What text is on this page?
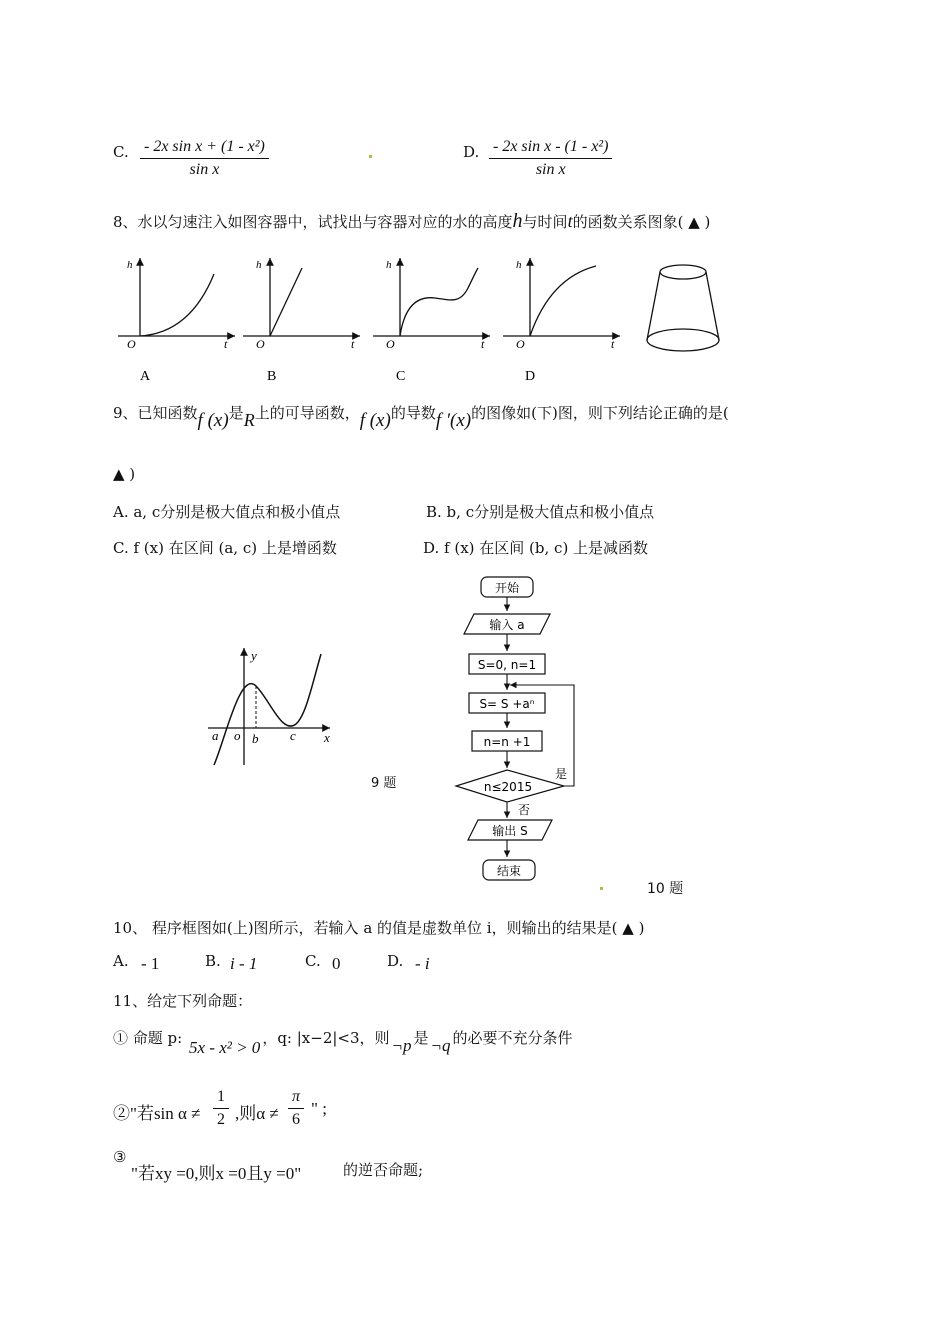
C. $\frac{\text{- 2x sin x + (1 - x²)}}{\text{sin x}}$	D. $\frac{\text{- 2x sin x - (1 - x²)}}{\text{sin x}}$
8、水以匀速注入如图容器中，试找出与容器对应的水的高度h与时间t的函数关系图象( ▲ )
h
O	t
A
h
O	t
B
h
O	t
C
h
O	t
D
9、已知函数f (x)是R上的可导函数，f (x)的导数f ′(x)的图像如(下)图，则下列结论正确的是(
▲ )
A. a, c分别是极大值点和极小值点	B. b, c分别是极大值点和极小值点
C. f (x) 在区间 (a, c) 上是增函数	D. f (x) 在区间 (b, c) 上是减函数
y
x
a o b c
9 题
开始
输入 a
S=0, n=1
S= S +aⁿ
n=n +1
n≤2015
是
否
输出 S
结束
10 题
10、 程序框图如(上)图所示，若输入 a 的值是虚数单位 i，则输出的结果是( ▲ )
A. - 1	B. i - 1	C. 0	D. - i
11、给定下列命题：
① 命题 p: 5x - x² > 0 ，q: |x−2|<3，则 ¬p 是 ¬q 的必要不充分条件
②"若$\sin \alpha \ne \frac{1}{2}$ ,则$\alpha \ne \frac{\pi}{6}$ " ;
③
"若xy =0,则x =0且y =0"	的逆否命题;
